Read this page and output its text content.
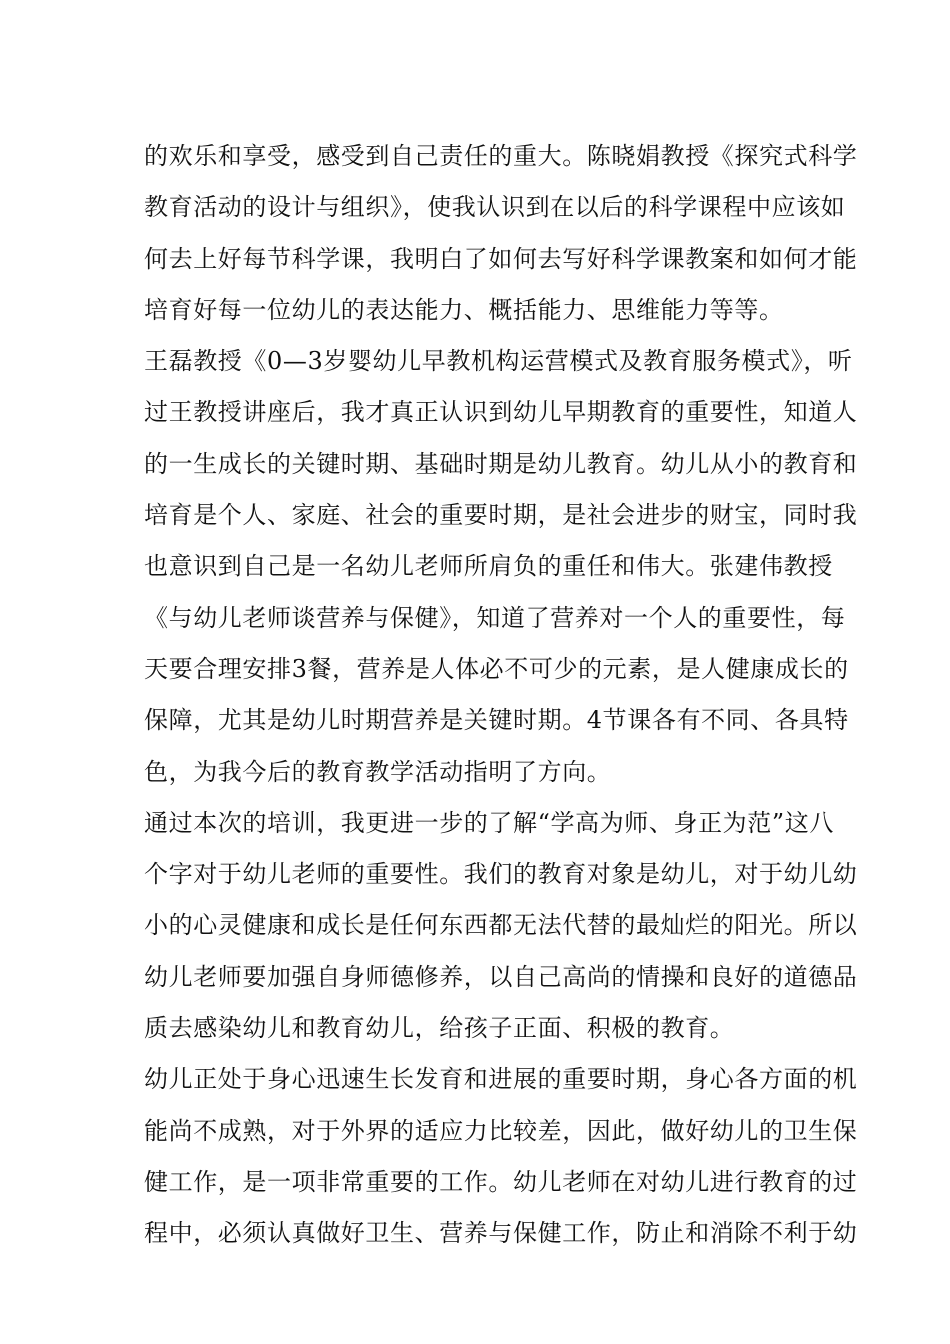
的欢乐和享受，感受到自己责任的重大。陈晓娟教授《探究式科学
教育活动的设计与组织》，使我认识到在以后的科学课程中应该如
何去上好每节科学课，我明白了如何去写好科学课教案和如何才能
培育好每一位幼儿的表达能力、概括能力、思维能力等等。
王磊教授《0—3岁婴幼儿早教机构运营模式及教育服务模式》，听
过王教授讲座后，我才真正认识到幼儿早期教育的重要性，知道人
的一生成长的关键时期、基础时期是幼儿教育。幼儿从小的教育和
培育是个人、家庭、社会的重要时期，是社会进步的财宝，同时我
也意识到自己是一名幼儿老师所肩负的重任和伟大。张建伟教授
《与幼儿老师谈营养与保健》，知道了营养对一个人的重要性，每
天要合理安排3餐，营养是人体必不可少的元素，是人健康成长的
保障，尤其是幼儿时期营养是关键时期。4节课各有不同、各具特
色，为我今后的教育教学活动指明了方向。
通过本次的培训，我更进一步的了解“学高为师、身正为范”这八
个字对于幼儿老师的重要性。我们的教育对象是幼儿，对于幼儿幼
小的心灵健康和成长是任何东西都无法代替的最灿烂的阳光。所以
幼儿老师要加强自身师德修养，以自己高尚的情操和良好的道德品
质去感染幼儿和教育幼儿，给孩子正面、积极的教育。
幼儿正处于身心迅速生长发育和进展的重要时期，身心各方面的机
能尚不成熟，对于外界的适应力比较差，因此，做好幼儿的卫生保
健工作，是一项非常重要的工作。幼儿老师在对幼儿进行教育的过
程中，必须认真做好卫生、营养与保健工作，防止和消除不利于幼
